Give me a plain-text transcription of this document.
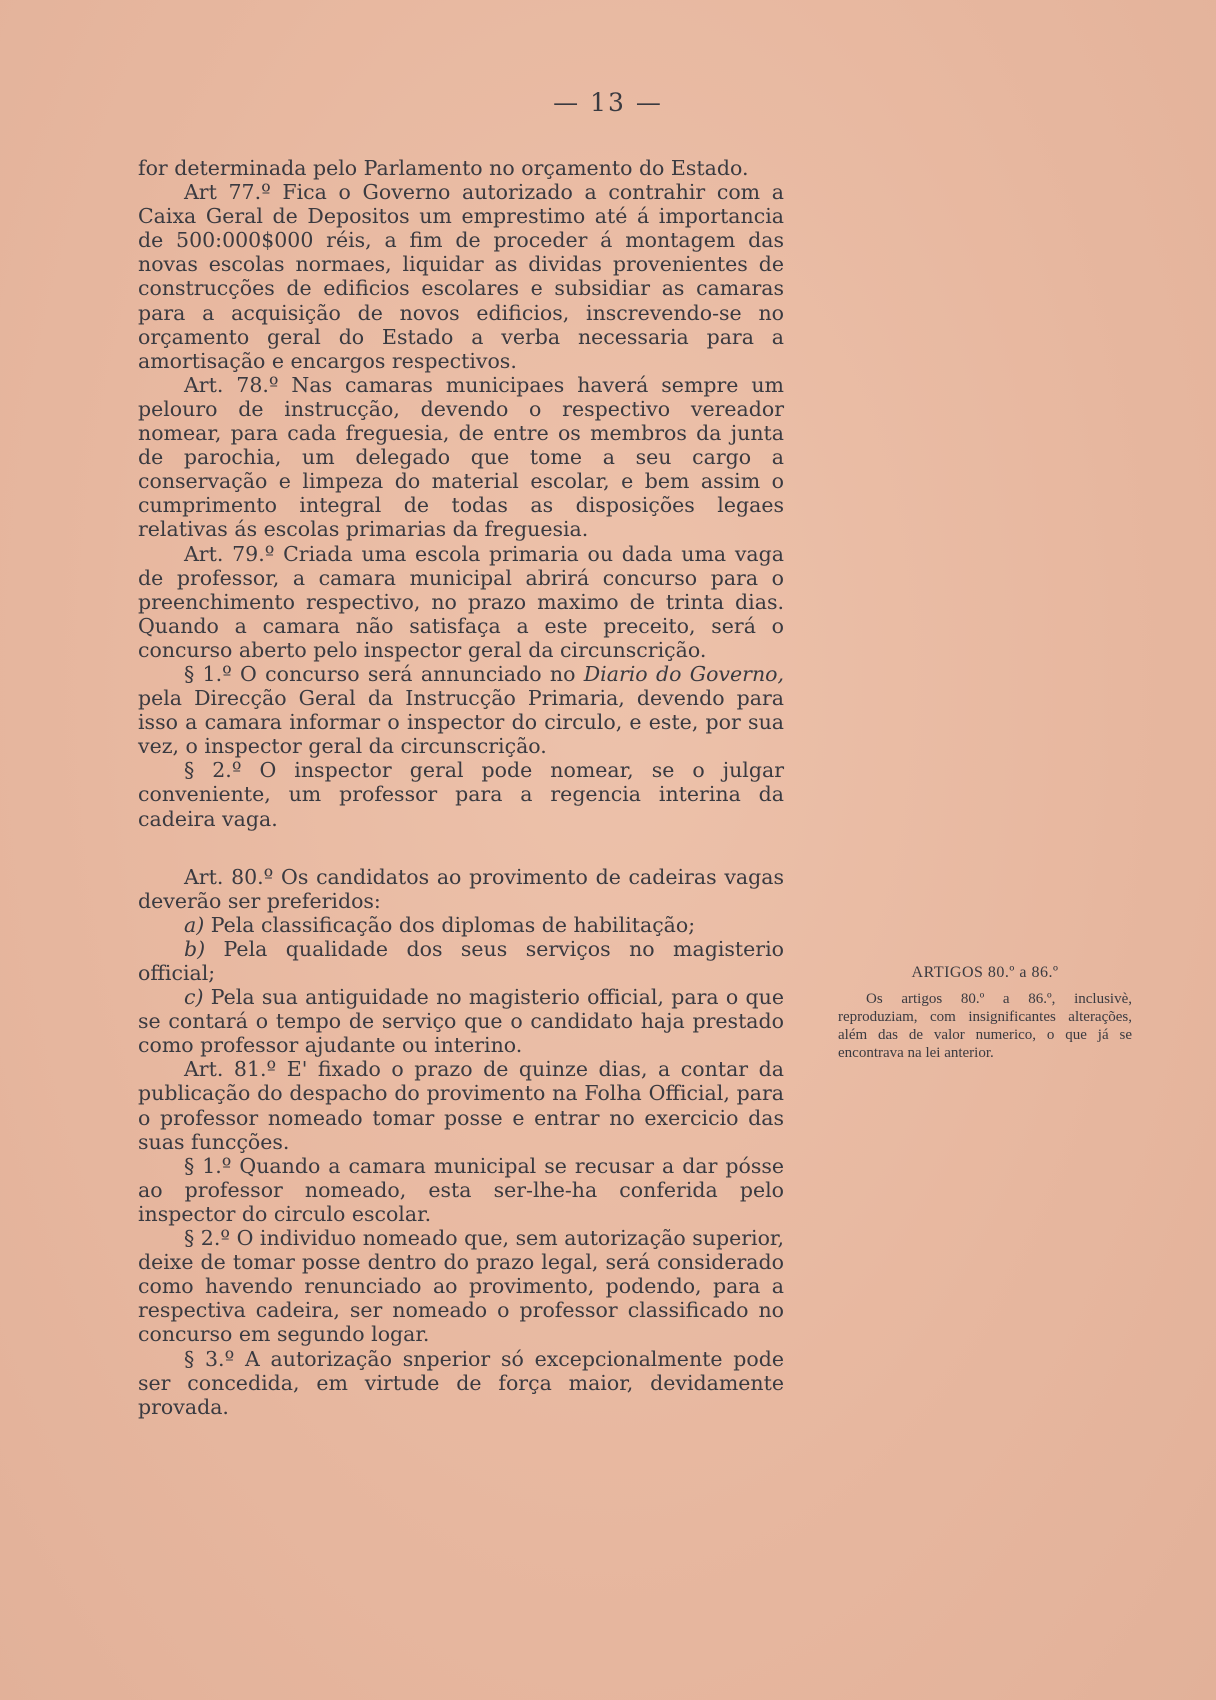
— 13 —

for determinada pelo Parlamento no orçamento do Estado.

Art 77.º Fica o Governo autorizado a contrahir com a Caixa Geral de Depositos um emprestimo até á importancia de 500:000$000 réis, a fim de proceder á montagem das novas escolas normaes, liquidar as dividas provenientes de construcções de edificios escolares e subsidiar as camaras para a acquisição de novos edificios, inscrevendo-se no orçamento geral do Estado a verba necessaria para a amortisação e encargos respectivos.

Art. 78.º Nas camaras municipaes haverá sempre um pelouro de instrucção, devendo o respectivo vereador nomear, para cada freguesia, de entre os membros da junta de parochia, um delegado que tome a seu cargo a conservação e limpeza do material escolar, e bem assim o cumprimento integral de todas as disposições legaes relativas ás escolas primarias da freguesia.

Art. 79.º Criada uma escola primaria ou dada uma vaga de professor, a camara municipal abrirá concurso para o preenchimento respectivo, no prazo maximo de trinta dias. Quando a camara não satisfaça a este preceito, será o concurso aberto pelo inspector geral da circunscrição.

§ 1.º O concurso será annunciado no Diario do Governo, pela Direcção Geral da Instrucção Primaria, devendo para isso a camara informar o inspector do circulo, e este, por sua vez, o inspector geral da circunscrição.

§ 2.º O inspector geral pode nomear, se o julgar conveniente, um professor para a regencia interina da cadeira vaga.

Art. 80.º Os candidatos ao provimento de cadeiras vagas deverão ser preferidos:

a) Pela classificação dos diplomas de habilitação;

b) Pela qualidade dos seus serviços no magisterio official;

c) Pela sua antiguidade no magisterio official, para o que se contará o tempo de serviço que o candidato haja prestado como professor ajudante ou interino.

Art. 81.º E' fixado o prazo de quinze dias, a contar da publicação do despacho do provimento na Folha Official, para o professor nomeado tomar posse e entrar no exercicio das suas funcções.

§ 1.º Quando a camara municipal se recusar a dar pósse ao professor nomeado, esta ser-lhe-ha conferida pelo inspector do circulo escolar.

§ 2.º O individuo nomeado que, sem autorização superior, deixe de tomar posse dentro do prazo legal, será considerado como havendo renunciado ao provimento, podendo, para a respectiva cadeira, ser nomeado o professor classificado no concurso em segundo logar.

§ 3.º A autorização snperior só excepcionalmente pode ser concedida, em virtude de força maior, devidamente provada.

ARTIGOS 80.º a 86.º
Os artigos 80.º a 86.º, inclusivè, reproduziam, com insignificantes alterações, além das de valor numerico, o que já se encontrava na lei anterior.
